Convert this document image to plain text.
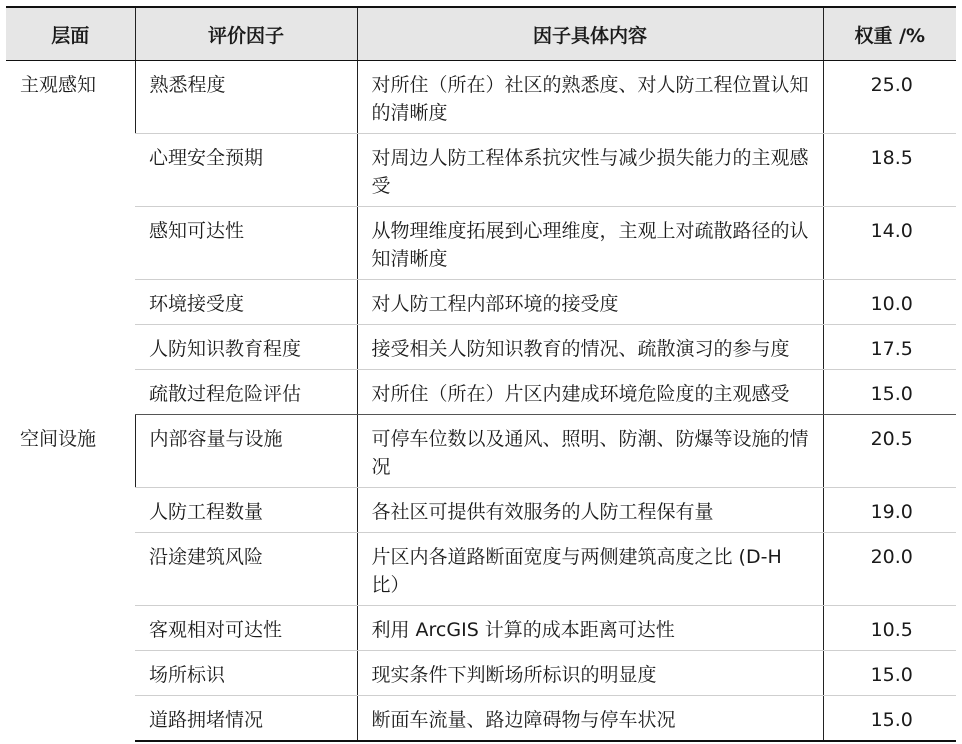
层面	评价因子	因子具体内容	权重 /%
主观感知	熟悉程度	对所住（所在）社区的熟悉度、对人防工程位置认知的清晰度	25.0
	心理安全预期	对周边人防工程体系抗灾性与减少损失能力的主观感受	18.5
	感知可达性	从物理维度拓展到心理维度，主观上对疏散路径的认知清晰度	14.0
	环境接受度	对人防工程内部环境的接受度	10.0
	人防知识教育程度	接受相关人防知识教育的情况、疏散演习的参与度	17.5
	疏散过程危险评估	对所住（所在）片区内建成环境危险度的主观感受	15.0
空间设施	内部容量与设施	可停车位数以及通风、照明、防潮、防爆等设施的情况	20.5
	人防工程数量	各社区可提供有效服务的人防工程保有量	19.0
	沿途建筑风险	片区内各道路断面宽度与两侧建筑高度之比 (D-H 比）	20.0
	客观相对可达性	利用 ArcGIS 计算的成本距离可达性	10.5
	场所标识	现实条件下判断场所标识的明显度	15.0
	道路拥堵情况	断面车流量、路边障碍物与停车状况	15.0
